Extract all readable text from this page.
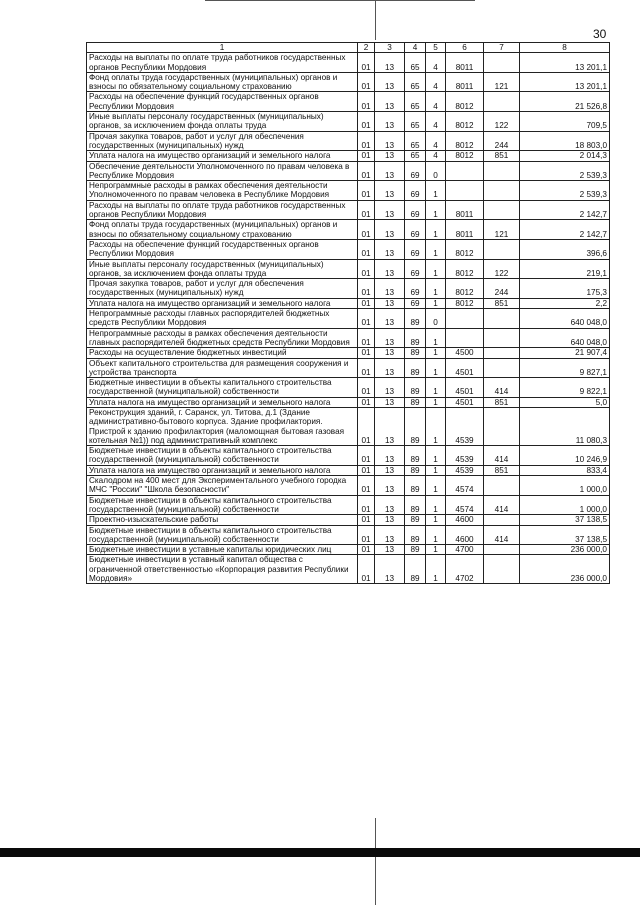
30
1	2	3	4	5	6	7	8
Расходы на выплаты по оплате труда работников государственных органов Республики Мордовия	01	13	65	4	8011		13 201,1
Фонд оплаты труда государственных (муниципальных) органов и взносы по обязательному социальному страхованию	01	13	65	4	8011	121	13 201,1
Расходы на обеспечение функций государственных органов Республики Мордовия	01	13	65	4	8012		21 526,8
Иные выплаты персоналу государственных (муниципальных) органов, за исключением фонда оплаты труда	01	13	65	4	8012	122	709,5
Прочая закупка товаров, работ и услуг для обеспечения государственных (муниципальных) нужд	01	13	65	4	8012	244	18 803,0
Уплата налога на имущество организаций и земельного налога	01	13	65	4	8012	851	2 014,3
Обеспечение деятельности Уполномоченного по правам человека в Республике Мордовия	01	13	69	0			2 539,3
Непрограммные расходы в рамках обеспечения деятельности Уполномоченного по правам человека в Республике Мордовия	01	13	69	1			2 539,3
Расходы на выплаты по оплате труда работников государственных органов Республики Мордовия	01	13	69	1	8011		2 142,7
Фонд оплаты труда государственных (муниципальных) органов и взносы по обязательному социальному страхованию	01	13	69	1	8011	121	2 142,7
Расходы на обеспечение функций государственных органов Республики Мордовия	01	13	69	1	8012		396,6
Иные выплаты персоналу государственных (муниципальных) органов, за исключением фонда оплаты труда	01	13	69	1	8012	122	219,1
Прочая закупка товаров, работ и услуг для обеспечения государственных (муниципальных) нужд	01	13	69	1	8012	244	175,3
Уплата налога на имущество организаций и земельного налога	01	13	69	1	8012	851	2,2
Непрограммные расходы главных распорядителей бюджетных средств Республики Мордовия	01	13	89	0			640 048,0
Непрограммные расходы в рамках обеспечения деятельности главных распорядителей бюджетных средств Республики Мордовия	01	13	89	1			640 048,0
Расходы на осуществление бюджетных инвестиций	01	13	89	1	4500		21 907,4
Объект капитального строительства для размещения сооружения и устройства транспорта	01	13	89	1	4501		9 827,1
Бюджетные инвестиции в объекты капитального строительства государственной (муниципальной) собственности	01	13	89	1	4501	414	9 822,1
Уплата налога на имущество организаций и земельного налога	01	13	89	1	4501	851	5,0
Реконструкция зданий, г. Саранск, ул. Титова, д.1 (Здание административно-бытового корпуса. Здание профилактория. Пристрой к зданию профилактория (маломощная бытовая газовая котельная №1)) под административный комплекс	01	13	89	1	4539		11 080,3
Бюджетные инвестиции в объекты капитального строительства государственной (муниципальной) собственности	01	13	89	1	4539	414	10 246,9
Уплата налога на имущество организаций и земельного налога	01	13	89	1	4539	851	833,4
Скалодром на 400 мест для Экспериментального учебного городка МЧС "России" "Школа безопасности"	01	13	89	1	4574		1 000,0
Бюджетные инвестиции в объекты капитального строительства государственной (муниципальной) собственности	01	13	89	1	4574	414	1 000,0
Проектно-изыскательские работы	01	13	89	1	4600		37 138,5
Бюджетные инвестиции в объекты капитального строительства государственной (муниципальной) собственности	01	13	89	1	4600	414	37 138,5
Бюджетные инвестиции в уставные капиталы юридических лиц	01	13	89	1	4700		236 000,0
Бюджетные инвестиции в уставный капитал общества с ограниченной ответственностью «Корпорация развития Республики Мордовия»	01	13	89	1	4702		236 000,0
